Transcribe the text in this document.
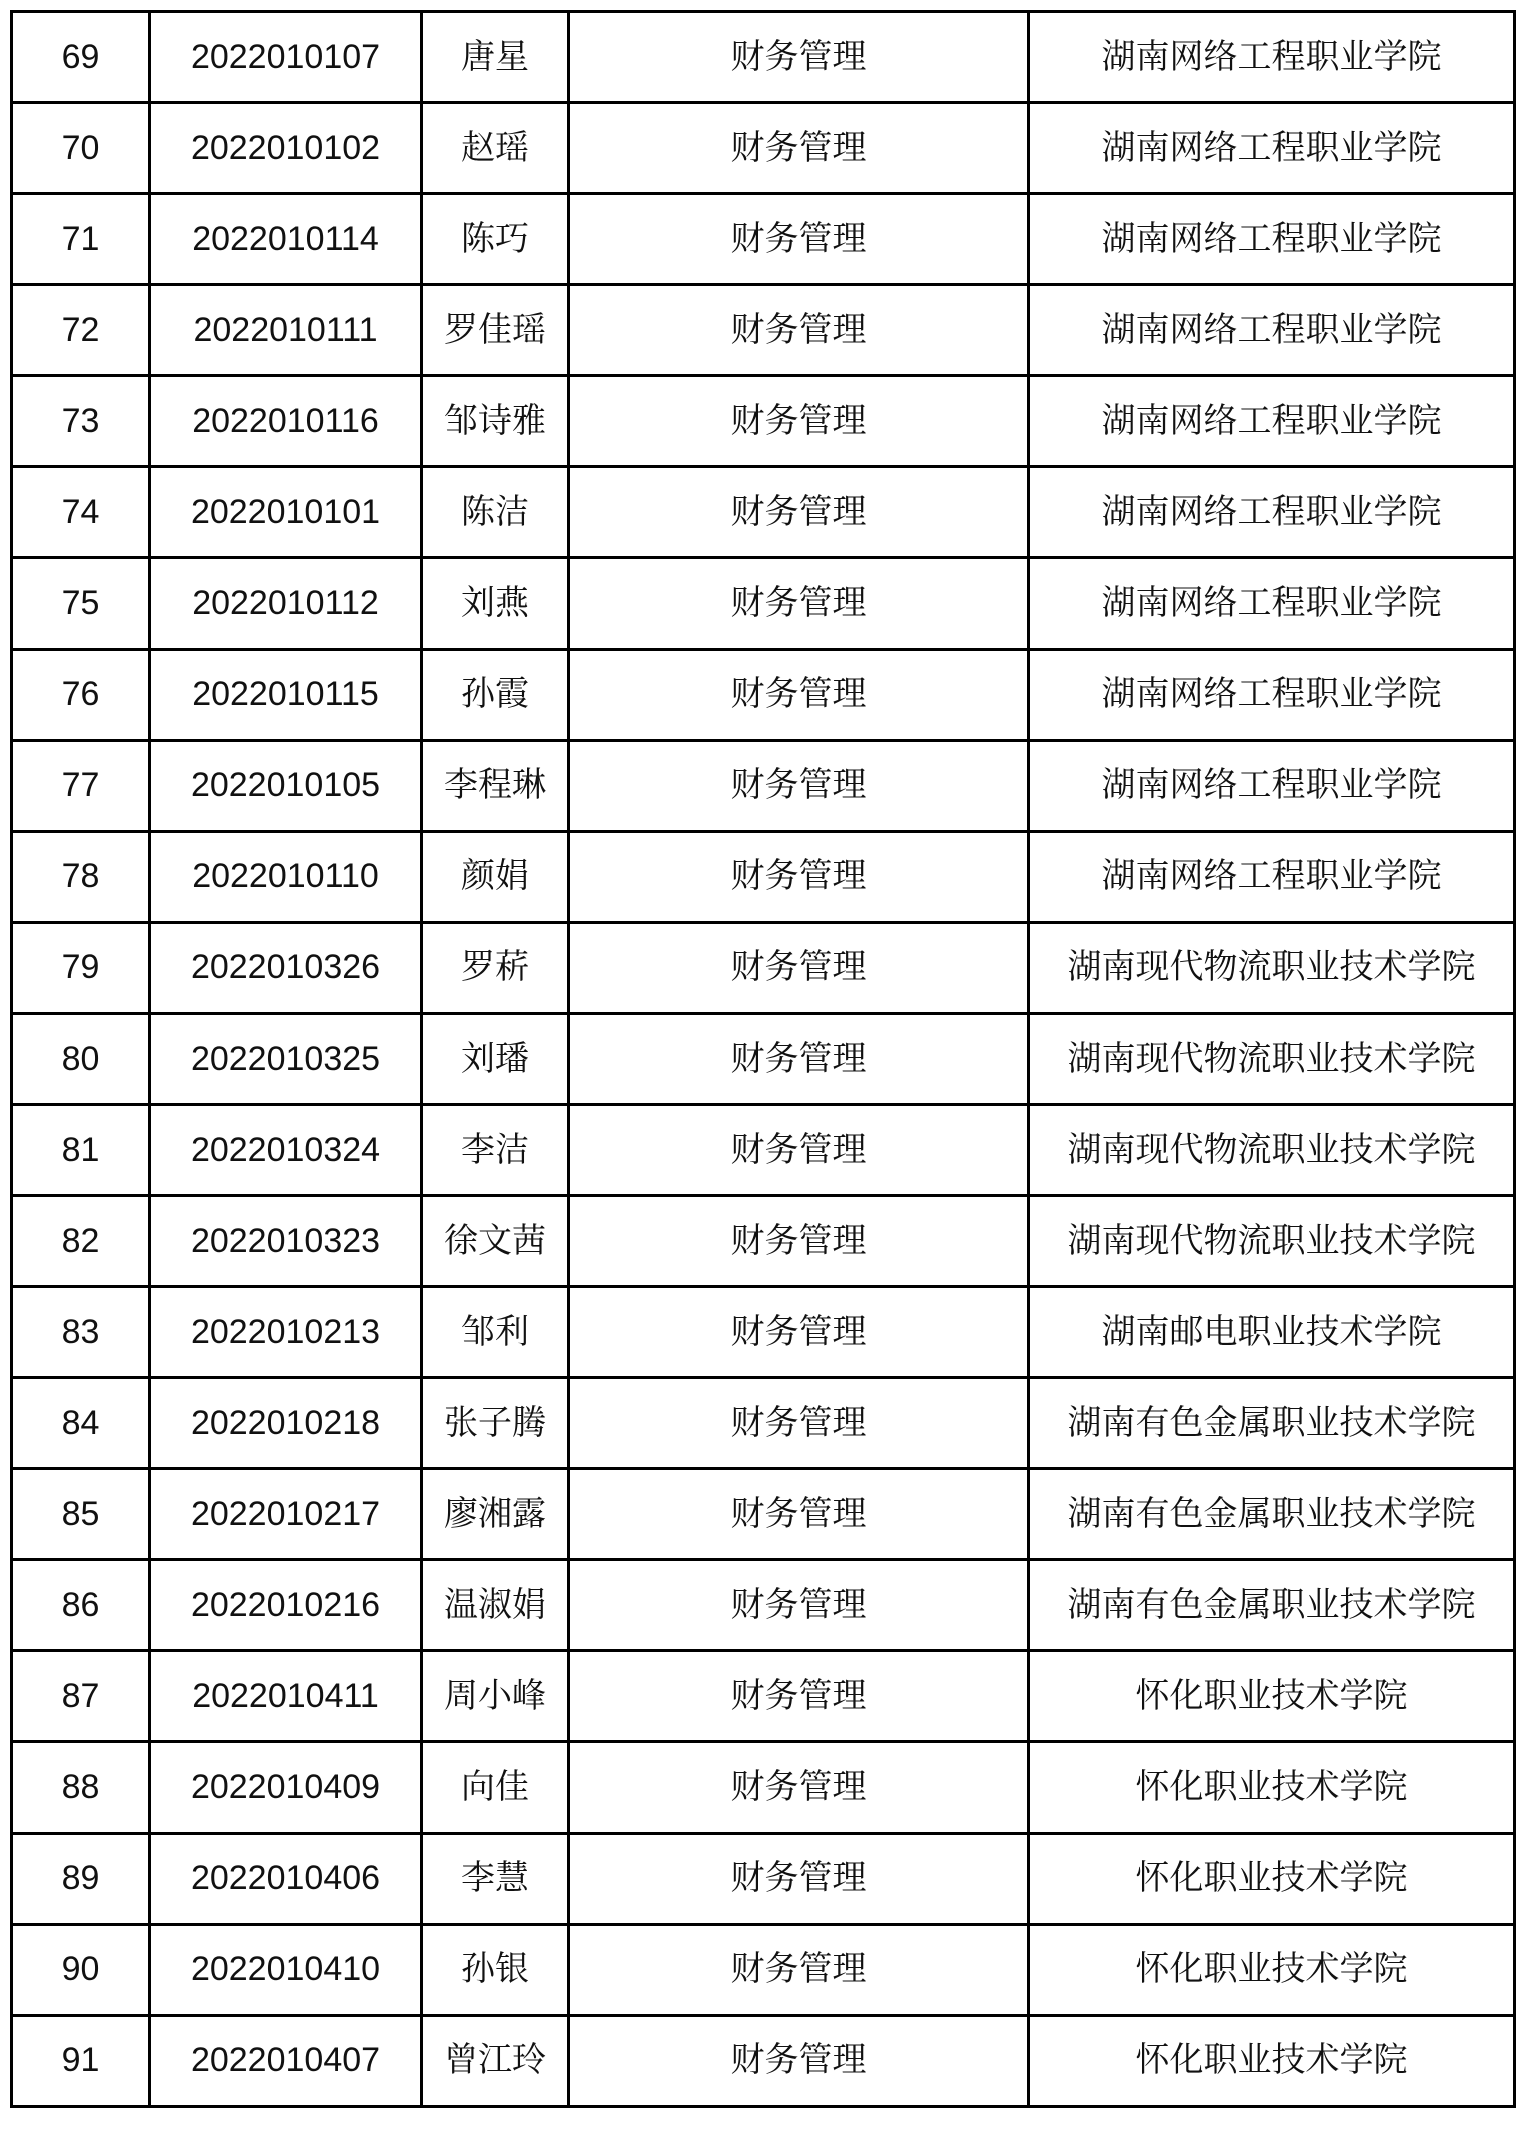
69	2022010107	唐星	财务管理	湖南网络工程职业学院
70	2022010102	赵瑶	财务管理	湖南网络工程职业学院
71	2022010114	陈巧	财务管理	湖南网络工程职业学院
72	2022010111	罗佳瑶	财务管理	湖南网络工程职业学院
73	2022010116	邹诗雅	财务管理	湖南网络工程职业学院
74	2022010101	陈洁	财务管理	湖南网络工程职业学院
75	2022010112	刘燕	财务管理	湖南网络工程职业学院
76	2022010115	孙霞	财务管理	湖南网络工程职业学院
77	2022010105	李程琳	财务管理	湖南网络工程职业学院
78	2022010110	颜娟	财务管理	湖南网络工程职业学院
79	2022010326	罗菥	财务管理	湖南现代物流职业技术学院
80	2022010325	刘璠	财务管理	湖南现代物流职业技术学院
81	2022010324	李洁	财务管理	湖南现代物流职业技术学院
82	2022010323	徐文茜	财务管理	湖南现代物流职业技术学院
83	2022010213	邹利	财务管理	湖南邮电职业技术学院
84	2022010218	张子腾	财务管理	湖南有色金属职业技术学院
85	2022010217	廖湘露	财务管理	湖南有色金属职业技术学院
86	2022010216	温淑娟	财务管理	湖南有色金属职业技术学院
87	2022010411	周小峰	财务管理	怀化职业技术学院
88	2022010409	向佳	财务管理	怀化职业技术学院
89	2022010406	李慧	财务管理	怀化职业技术学院
90	2022010410	孙银	财务管理	怀化职业技术学院
91	2022010407	曾江玲	财务管理	怀化职业技术学院
